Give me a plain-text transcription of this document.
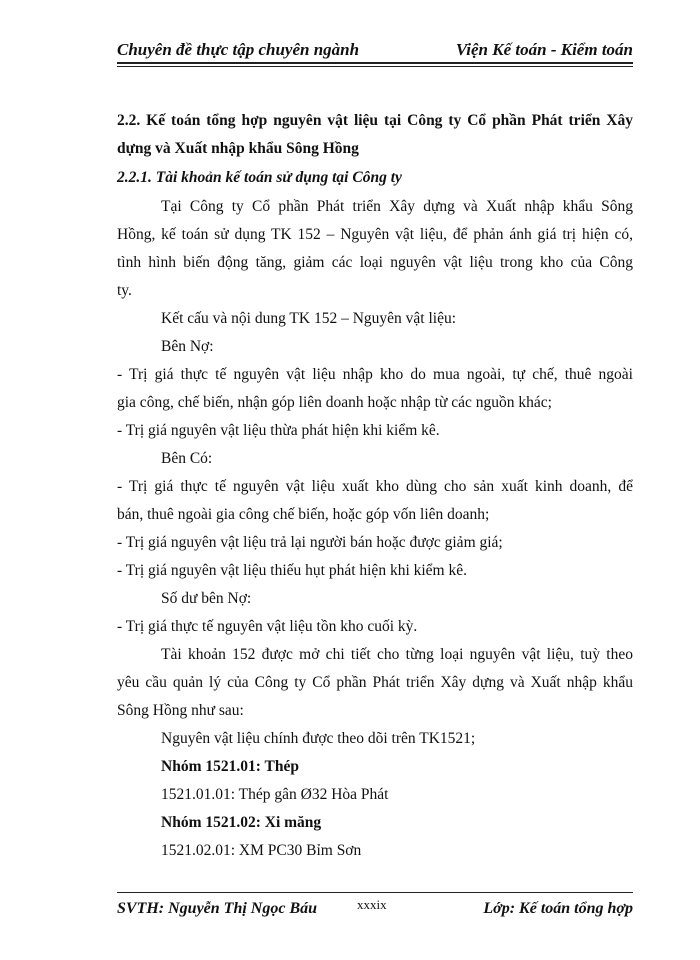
Chuyên đề thực tập chuyên ngành	Viện Kế toán - Kiểm toán
2.2. Kế toán tổng hợp nguyên vật liệu tại Công ty Cổ phần Phát triển Xây
dựng và Xuất nhập khẩu Sông Hồng
2.2.1. Tài khoản kế toán sử dụng tại Công ty
Tại Công ty Cổ phần Phát triển Xây dựng và Xuất nhập khẩu Sông
Hồng, kế toán sử dụng TK 152 – Nguyên vật liệu, để phản ánh giá trị hiện có,
tình hình biến động tăng, giảm các loại nguyên vật liệu trong kho của Công
ty.
Kết cấu và nội dung TK 152 – Nguyên vật liệu:
Bên Nợ:
- Trị giá thực tế nguyên vật liệu nhập kho do mua ngoài, tự chế, thuê ngoài
gia công, chế biến, nhận góp liên doanh hoặc nhập từ các nguồn khác;
- Trị giá nguyên vật liệu thừa phát hiện khi kiểm kê.
Bên Có:
- Trị giá thực tế nguyên vật liệu xuất kho dùng cho sản xuất kinh doanh, để
bán, thuê ngoài gia công chế biến, hoặc góp vốn liên doanh;
- Trị giá nguyên vật liệu trả lại người bán hoặc được giảm giá;
- Trị giá nguyên vật liệu thiếu hụt phát hiện khi kiểm kê.
Số dư bên Nợ:
- Trị giá thực tế nguyên vật liệu tồn kho cuối kỳ.
Tài khoản 152 được mở chi tiết cho từng loại nguyên vật liệu, tuỳ theo
yêu cầu quản lý của Công ty Cổ phần Phát triển Xây dựng và Xuất nhập khẩu
Sông Hồng như sau:
Nguyên vật liệu chính được theo dõi trên TK1521;
Nhóm 1521.01: Thép
1521.01.01: Thép gân Ø32 Hòa Phát
Nhóm 1521.02: Xi măng
1521.02.01: XM PC30 Bỉm Sơn
SVTH: Nguyễn Thị Ngọc Báu	xxxix	Lớp: Kế toán tổng hợp
